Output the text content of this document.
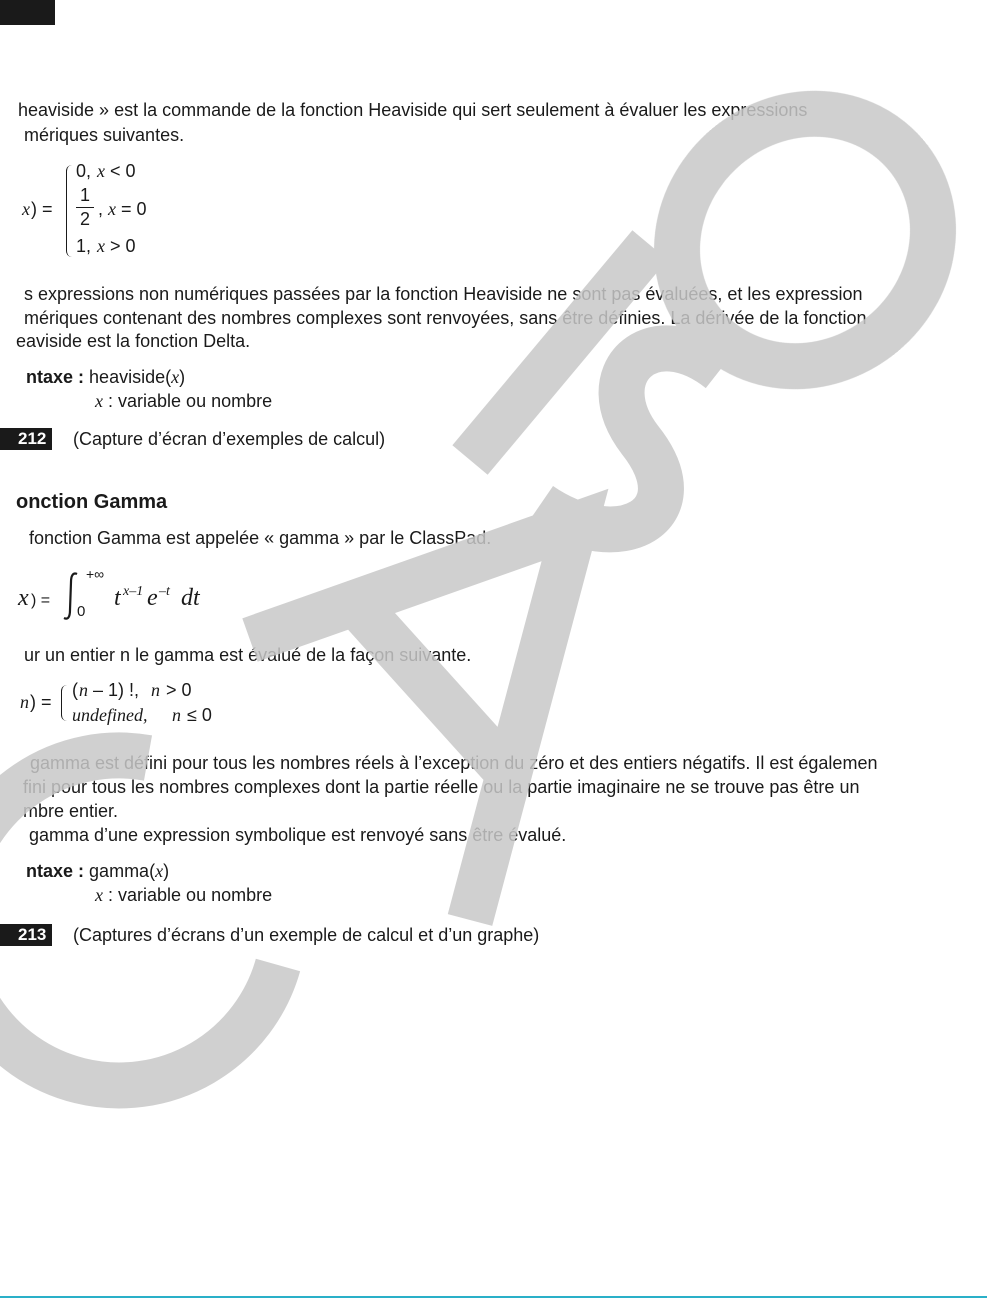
heaviside » est la commande de la fonction Heaviside qui sert seulement à évaluer les expressions
mériques suivantes.
x ) =
0, x < 0
1
2 , x = 0
1, x > 0
s expressions non numériques passées par la fonction Heaviside ne sont pas évaluées, et les expression
mériques contenant des nombres complexes sont renvoyées, sans être définies. La dérivée de la fonction
eaviside est la fonction Delta.
ntaxe : heaviside(x)
x : variable ou nombre
212	(Capture d’écran d’exemples de calcul)
onction Gamma
fonction Gamma est appelée « gamma » par le ClassPad.
x ) =
+∞
0
t x–1 e –t dt
ur un entier n le gamma est évalué de la façon suivante.
n ) =
( n – 1) !, n > 0
undefined, n ≤ 0
gamma est défini pour tous les nombres réels à l’exception du zéro et des entiers négatifs. Il est égalemen
fini pour tous les nombres complexes dont la partie réelle ou la partie imaginaire ne se trouve pas être un
mbre entier.
gamma d’une expression symbolique est renvoyé sans être évalué.
ntaxe : gamma(x)
x : variable ou nombre
213	(Captures d’écrans d’un exemple de calcul et d’un graphe)
